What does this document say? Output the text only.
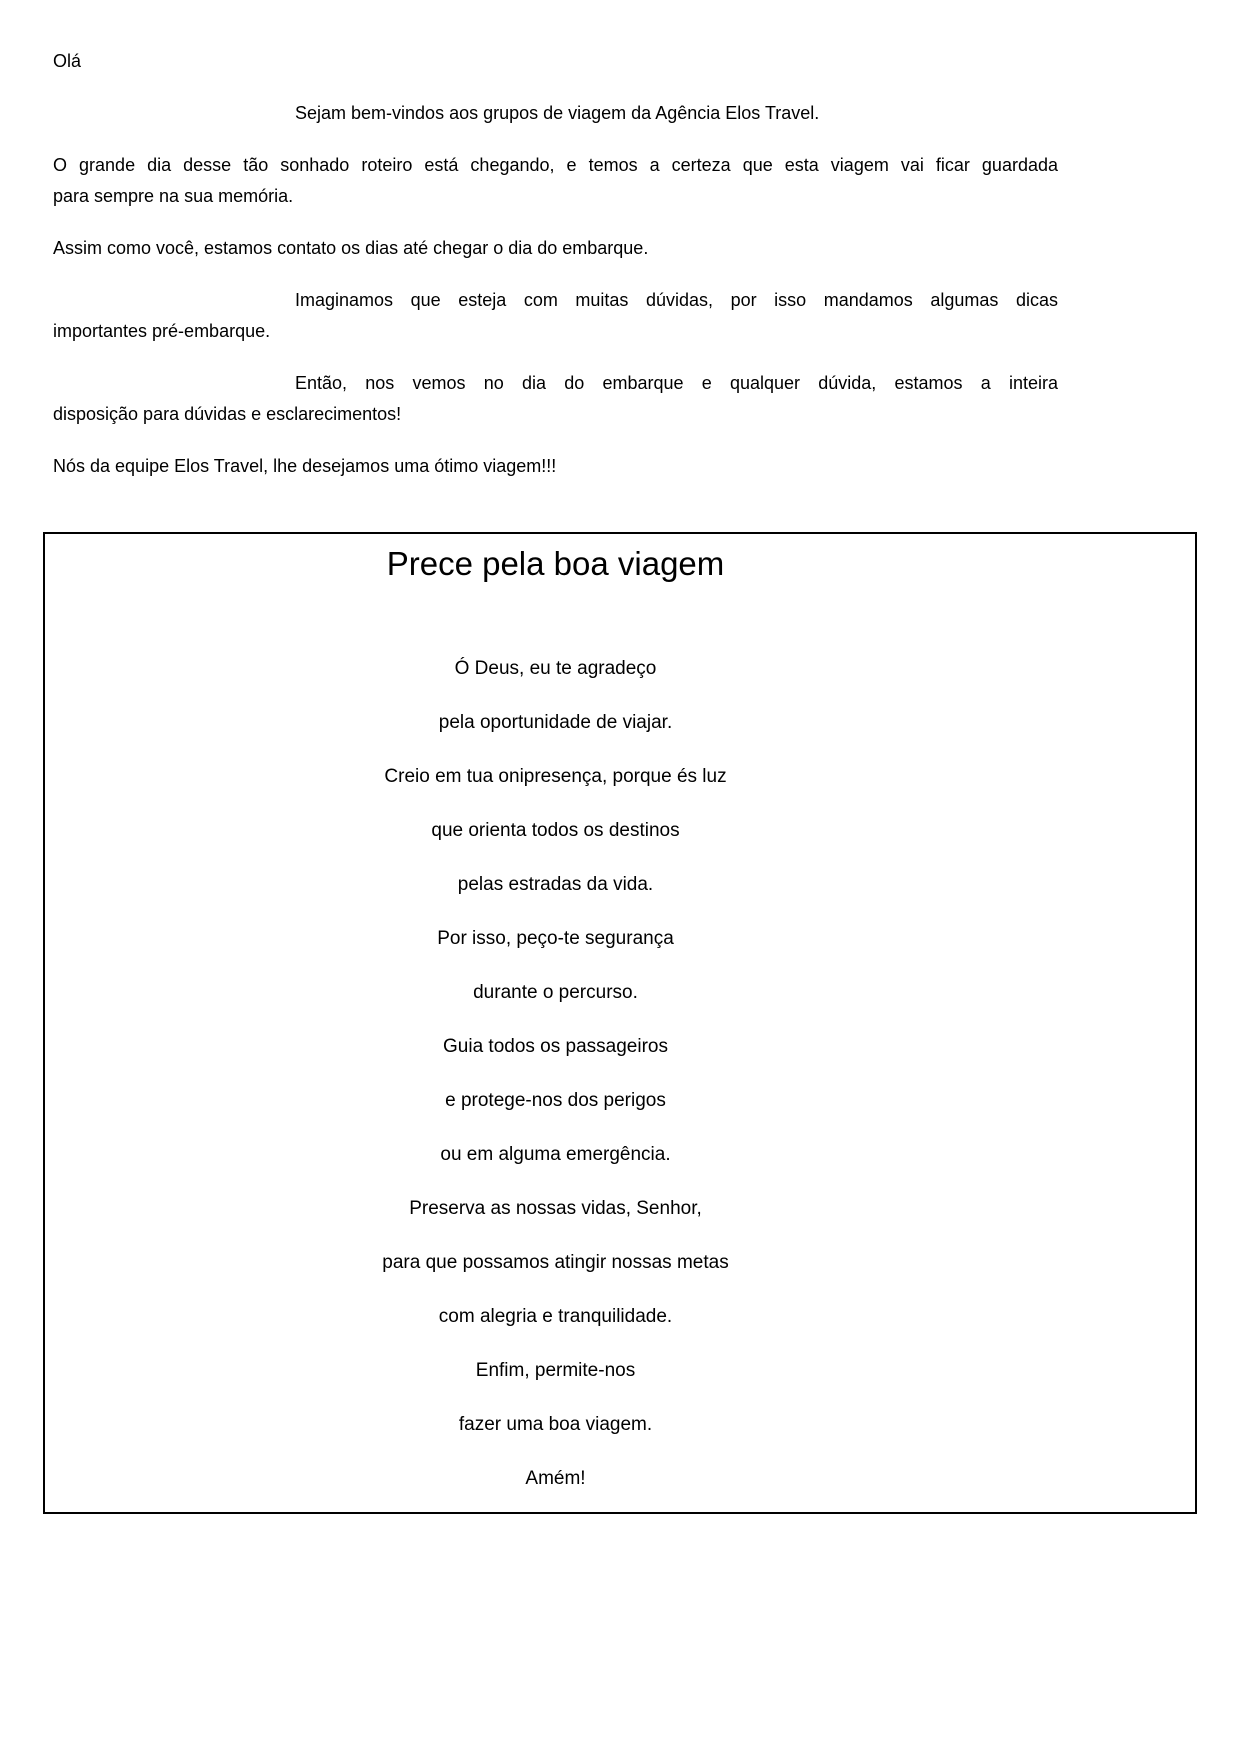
Olá
Sejam bem-vindos aos grupos de viagem da Agência Elos Travel.
O grande dia desse tão sonhado roteiro está chegando, e temos a certeza que esta viagem vai ficar guardada
para sempre na sua memória.
Assim como você, estamos contato os dias até chegar o dia do embarque.
Imaginamos que esteja com muitas dúvidas, por isso mandamos algumas dicas
importantes pré-embarque.
Então, nos vemos no dia do embarque e qualquer dúvida, estamos a inteira
disposição para dúvidas e esclarecimentos!
Nós da equipe Elos Travel, lhe desejamos uma ótimo viagem!!!
Prece pela boa viagem
Ó Deus, eu te agradeço
pela oportunidade de viajar.
Creio em tua onipresença, porque és luz
que orienta todos os destinos
pelas estradas da vida.
Por isso, peço-te segurança
durante o percurso.
Guia todos os passageiros
e protege-nos dos perigos
ou em alguma emergência.
Preserva as nossas vidas, Senhor,
para que possamos atingir nossas metas
com alegria e tranquilidade.
Enfim, permite-nos
fazer uma boa viagem.
Amém!
